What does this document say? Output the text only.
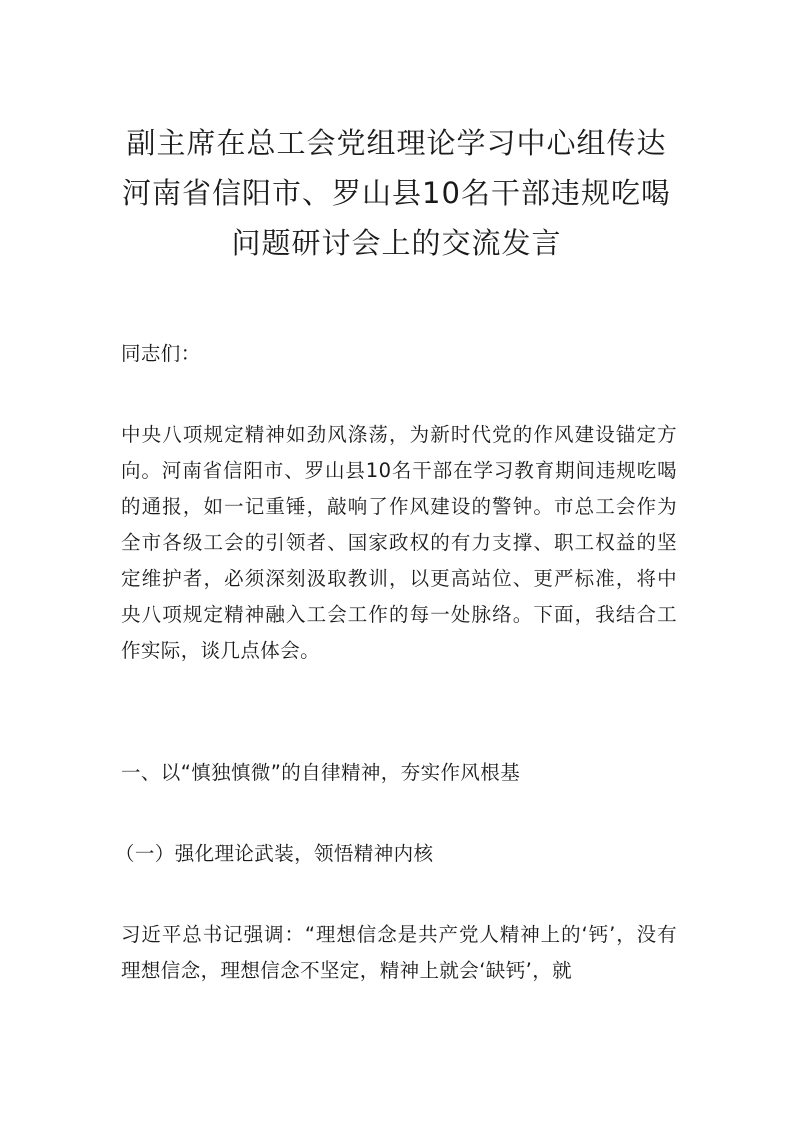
副主席在总工会党组理论学习中心组传达
河南省信阳市、罗山县10名干部违规吃喝
问题研讨会上的交流发言

同志们：

中央八项规定精神如劲风涤荡，为新时代党的作风建设锚定方向。河南省信阳市、罗山县10名干部在学习教育期间违规吃喝的通报，如一记重锤，敲响了作风建设的警钟。市总工会作为全市各级工会的引领者、国家政权的有力支撑、职工权益的坚定维护者，必须深刻汲取教训，以更高站位、更严标准，将中央八项规定精神融入工会工作的每一处脉络。下面，我结合工作实际，谈几点体会。

一、以“慎独慎微”的自律精神，夯实作风根基

（一）强化理论武装，领悟精神内核

习近平总书记强调：“理想信念是共产党人精神上的‘钙’，没有理想信念，理想信念不坚定，精神上就会‘缺钙’，就
